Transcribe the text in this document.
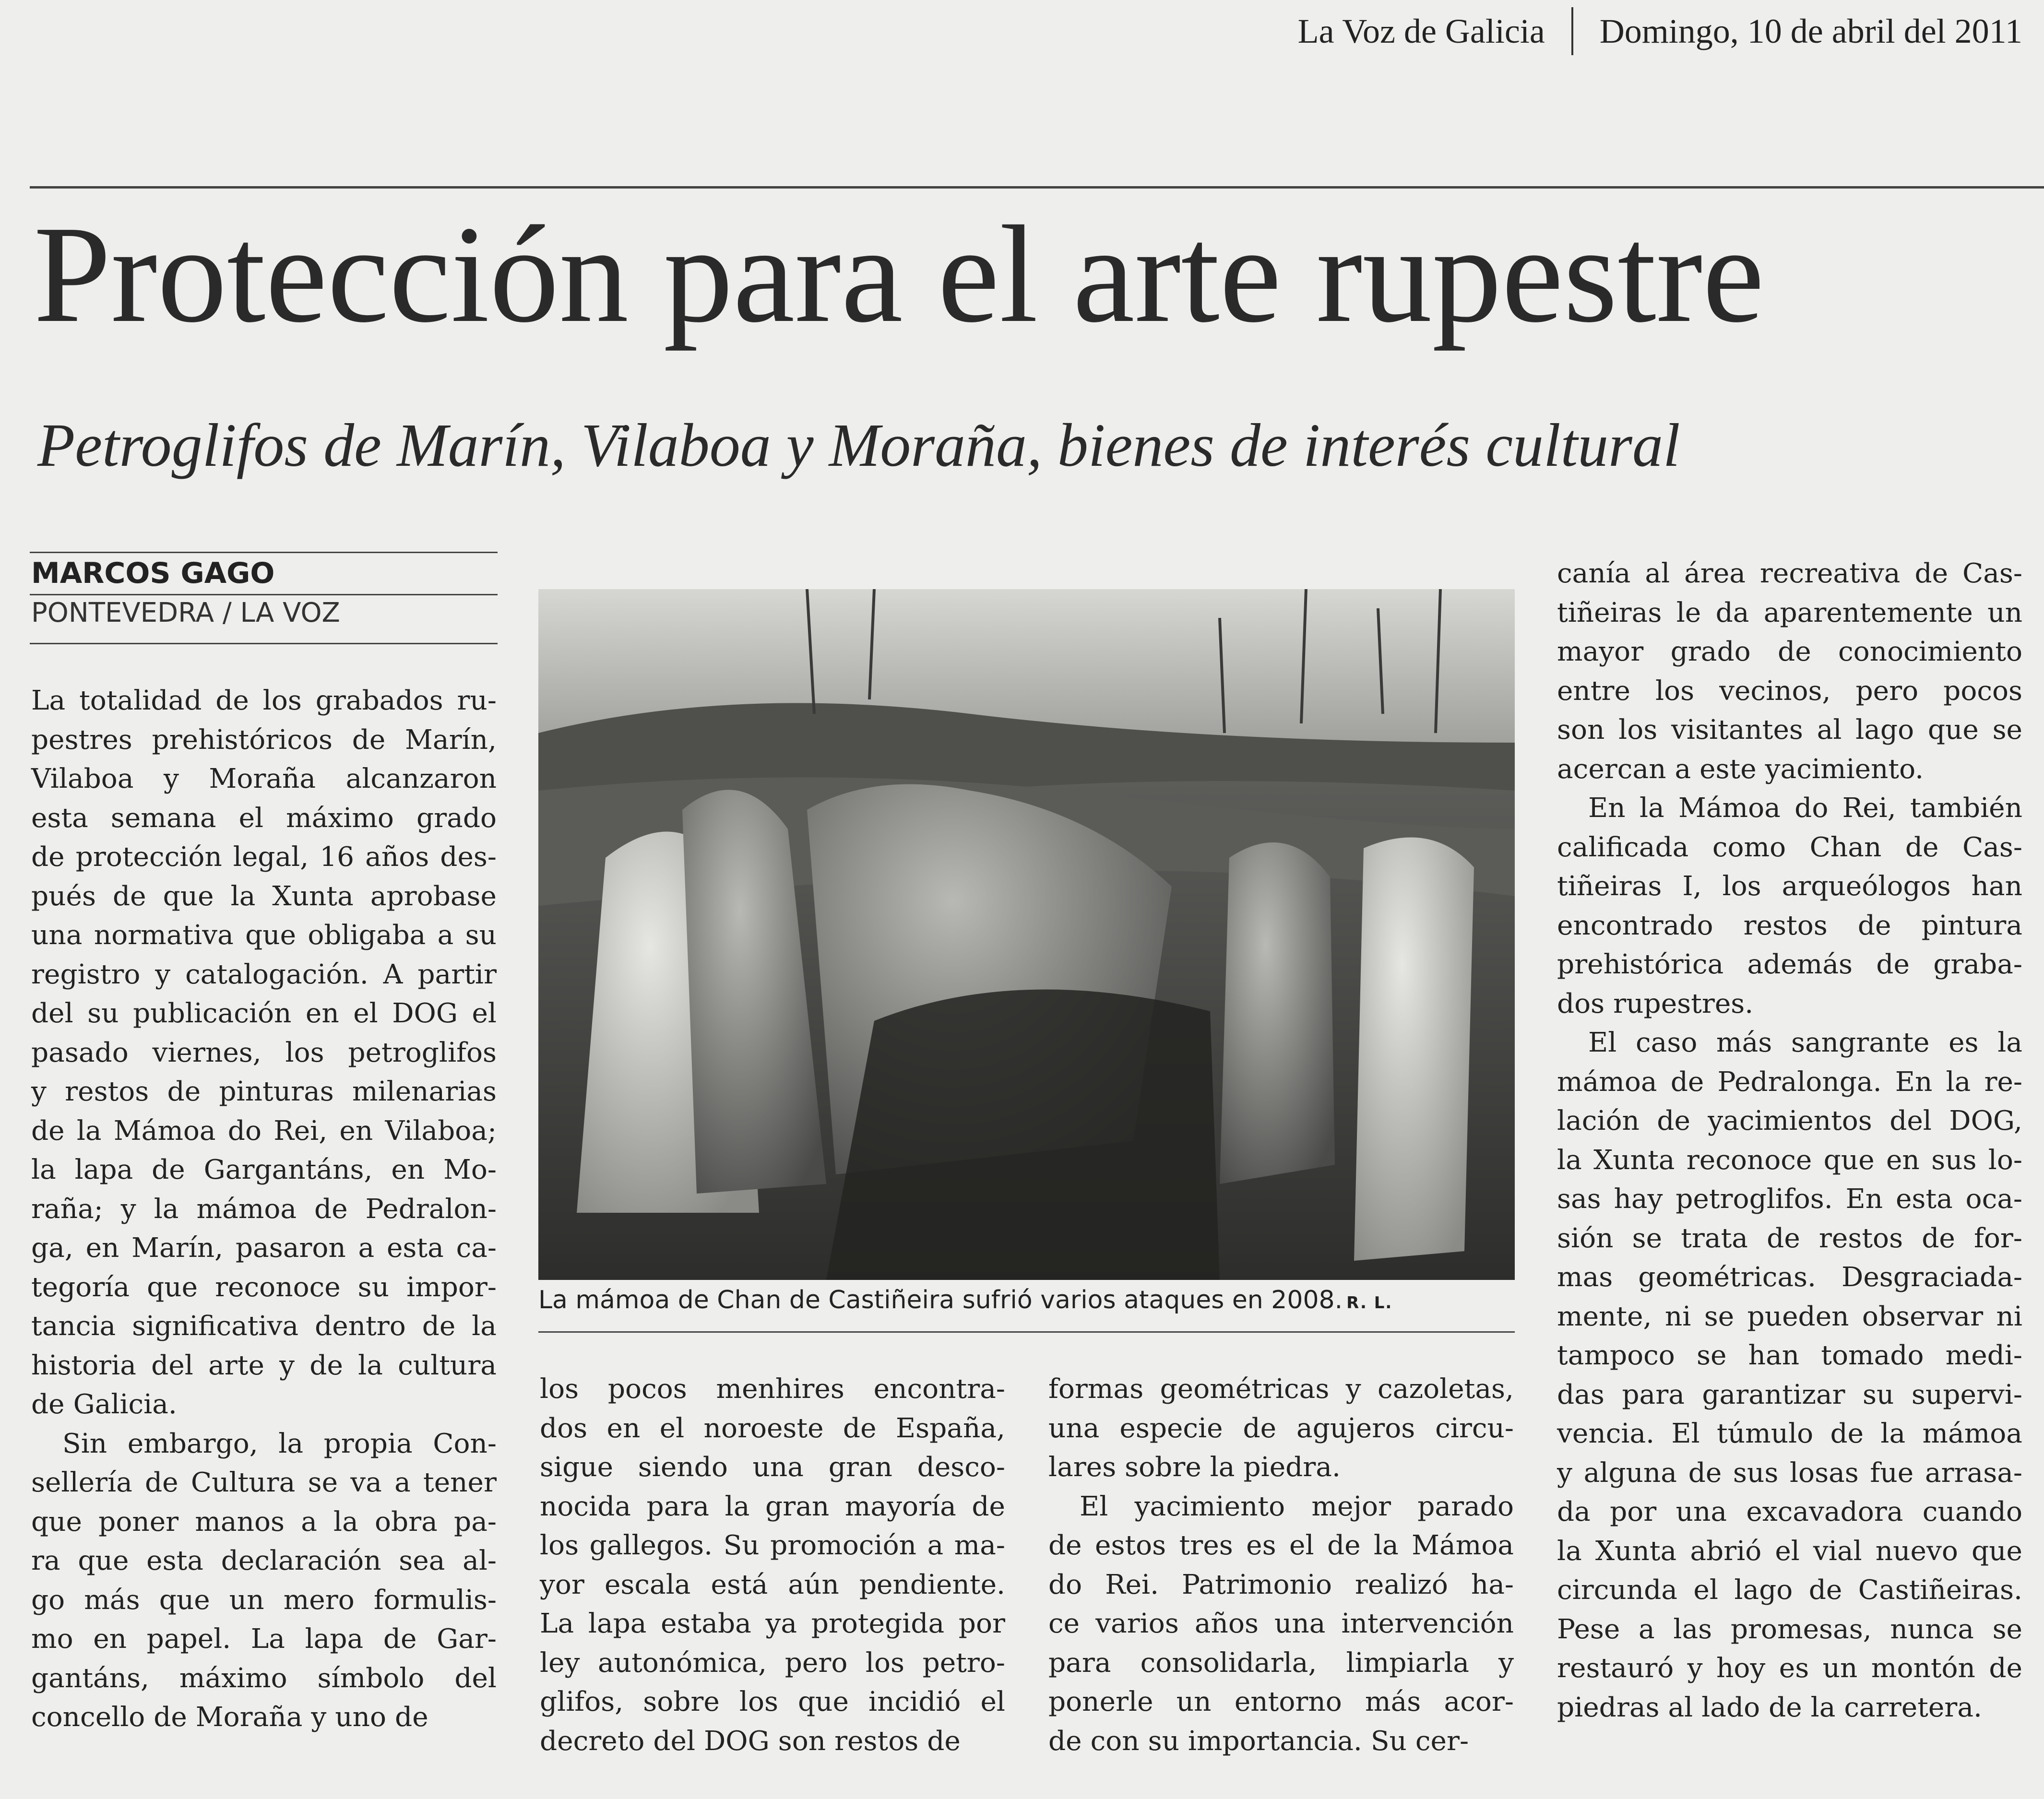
La Voz de Galicia Domingo, 10 de abril del 2011
Protección para el arte rupestre
Petroglifos de Marín, Vilaboa y Moraña, bienes de interés cultural
MARCOS GAGO
PONTEVEDRA / LA VOZ
La totalidad de los grabados ru-
pestres prehistóricos de Marín,
Vilaboa y Moraña alcanzaron
esta semana el máximo grado
de protección legal, 16 años des-
pués de que la Xunta aprobase
una normativa que obligaba a su
registro y catalogación. A partir
del su publicación en el DOG el
pasado viernes, los petroglifos
y restos de pinturas milenarias
de la Mámoa do Rei, en Vilaboa;
la lapa de Gargantáns, en Mo-
raña; y la mámoa de Pedralon-
ga, en Marín, pasaron a esta ca-
tegoría que reconoce su impor-
tancia significativa dentro de la
historia del arte y de la cultura
de Galicia.
Sin embargo, la propia Con-
sellería de Cultura se va a tener
que poner manos a la obra pa-
ra que esta declaración sea al-
go más que un mero formulis-
mo en papel. La lapa de Gar-
gantáns, máximo símbolo del
concello de Moraña y uno de
La mámoa de Chan de Castiñeira sufrió varios ataques en 2008. R. L.
los pocos menhires encontra-
dos en el noroeste de España,
sigue siendo una gran desco-
nocida para la gran mayoría de
los gallegos. Su promoción a ma-
yor escala está aún pendiente.
La lapa estaba ya protegida por
ley autonómica, pero los petro-
glifos, sobre los que incidió el
decreto del DOG son restos de
formas geométricas y cazoletas,
una especie de agujeros circu-
lares sobre la piedra.
El yacimiento mejor parado
de estos tres es el de la Mámoa
do Rei. Patrimonio realizó ha-
ce varios años una intervención
para consolidarla, limpiarla y
ponerle un entorno más acor-
de con su importancia. Su cer-
canía al área recreativa de Cas-
tiñeiras le da aparentemente un
mayor grado de conocimiento
entre los vecinos, pero pocos
son los visitantes al lago que se
acercan a este yacimiento.
En la Mámoa do Rei, también
calificada como Chan de Cas-
tiñeiras I, los arqueólogos han
encontrado restos de pintura
prehistórica además de graba-
dos rupestres.
El caso más sangrante es la
mámoa de Pedralonga. En la re-
lación de yacimientos del DOG,
la Xunta reconoce que en sus lo-
sas hay petroglifos. En esta oca-
sión se trata de restos de for-
mas geométricas. Desgraciada-
mente, ni se pueden observar ni
tampoco se han tomado medi-
das para garantizar su supervi-
vencia. El túmulo de la mámoa
y alguna de sus losas fue arrasa-
da por una excavadora cuando
la Xunta abrió el vial nuevo que
circunda el lago de Castiñeiras.
Pese a las promesas, nunca se
restauró y hoy es un montón de
piedras al lado de la carretera.
